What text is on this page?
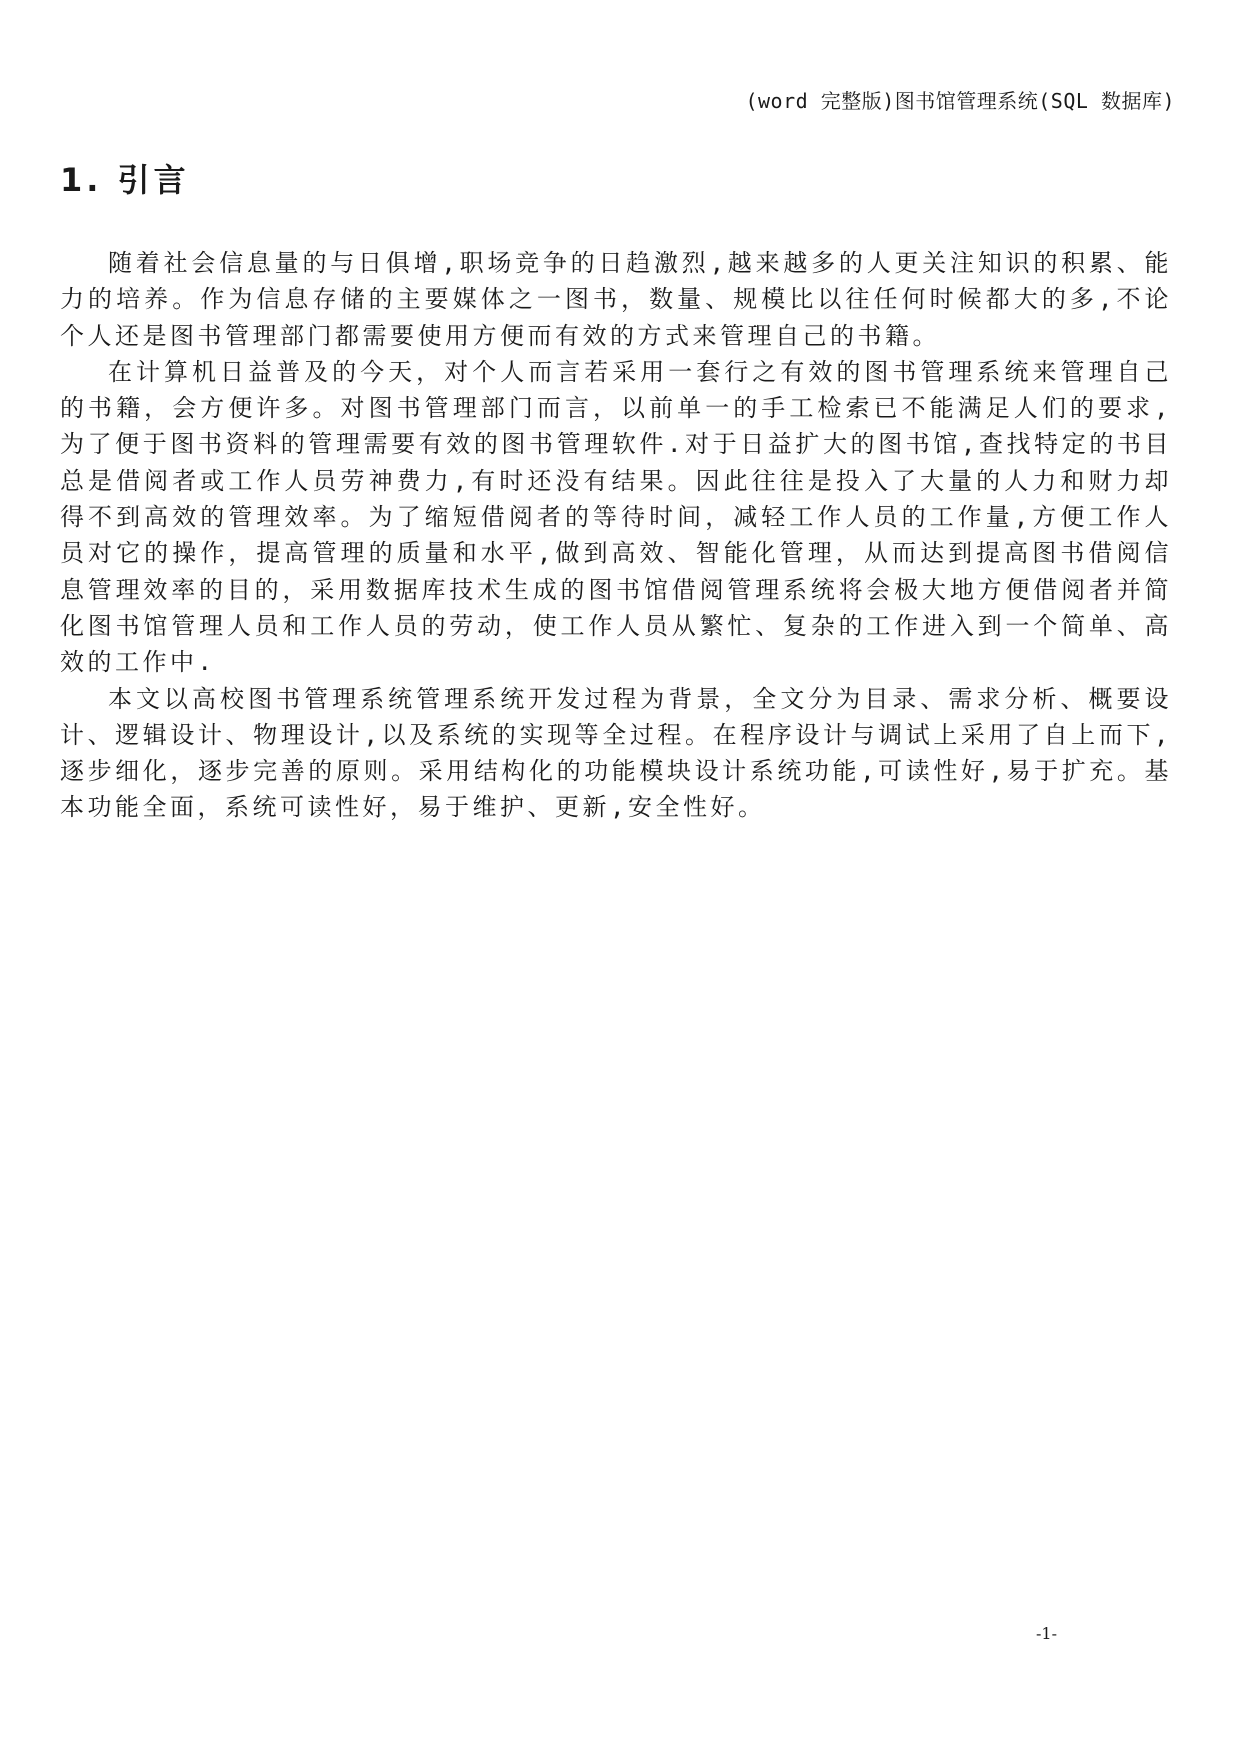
(word 完整版)图书馆管理系统(SQL 数据库)
1. 引言

随着社会信息量的与日俱增,职场竞争的日趋激烈,越来越多的人更关注知识的积累、能力的培养。作为信息存储的主要媒体之一图书，数量、规模比以往任何时候都大的多,不论个人还是图书管理部门都需要使用方便而有效的方式来管理自己的书籍。

在计算机日益普及的今天，对个人而言若采用一套行之有效的图书管理系统来管理自己的书籍，会方便许多。对图书管理部门而言，以前单一的手工检索已不能满足人们的要求,为了便于图书资料的管理需要有效的图书管理软件.对于日益扩大的图书馆,查找特定的书目总是借阅者或工作人员劳神费力,有时还没有结果。因此往往是投入了大量的人力和财力却得不到高效的管理效率。为了缩短借阅者的等待时间，减轻工作人员的工作量,方便工作人员对它的操作，提高管理的质量和水平,做到高效、智能化管理，从而达到提高图书借阅信息管理效率的目的，采用数据库技术生成的图书馆借阅管理系统将会极大地方便借阅者并简化图书馆管理人员和工作人员的劳动，使工作人员从繁忙、复杂的工作进入到一个简单、高效的工作中.

本文以高校图书管理系统管理系统开发过程为背景，全文分为目录、需求分析、概要设计、逻辑设计、物理设计,以及系统的实现等全过程。在程序设计与调试上采用了自上而下,逐步细化，逐步完善的原则。采用结构化的功能模块设计系统功能,可读性好,易于扩充。基本功能全面，系统可读性好，易于维护、更新,安全性好。

-1-
